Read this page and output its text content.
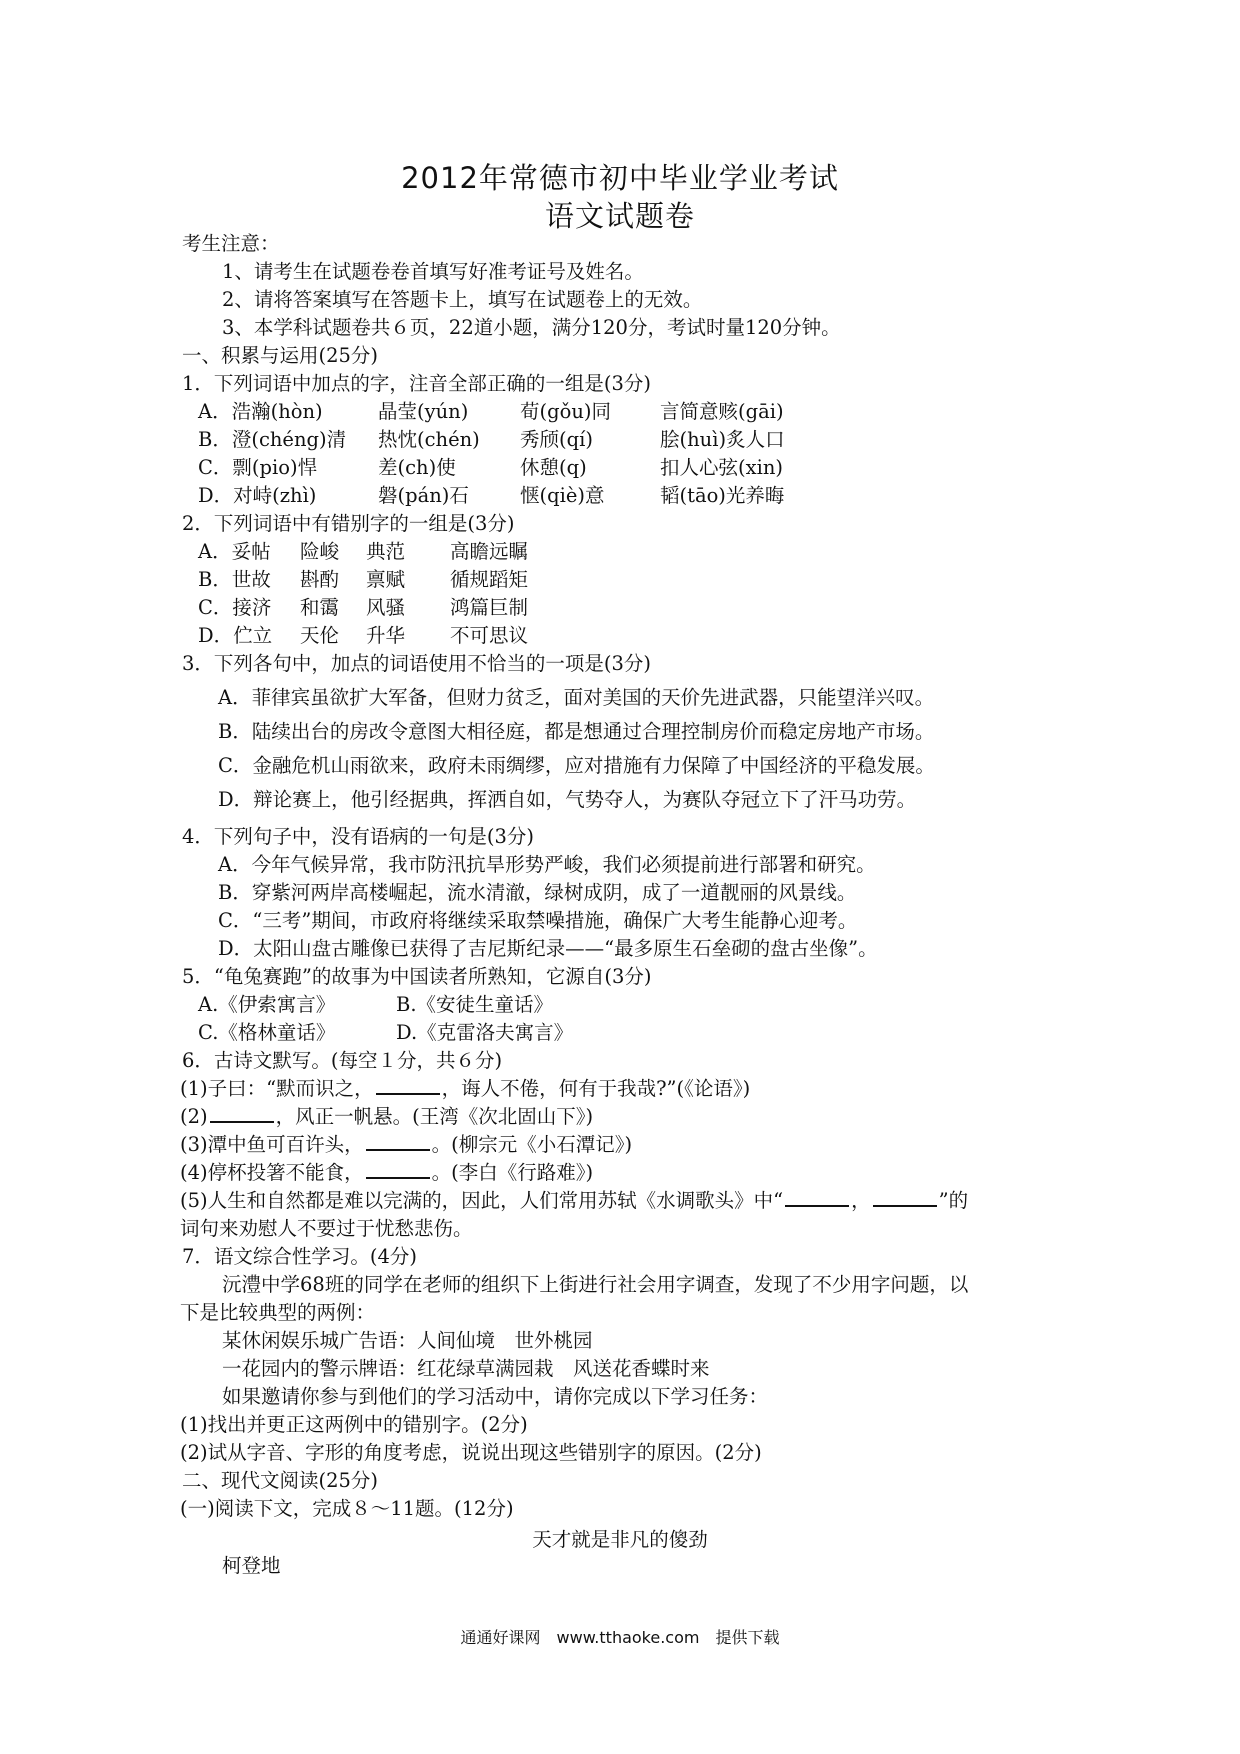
2012年常德市初中毕业学业考试
语文试题卷
考生注意：
1、请考生在试题卷卷首填写好准考证号及姓名。
2、请将答案填写在答题卡上，填写在试题卷上的无效。
3、本学科试题卷共６页，22道小题，满分120分，考试时量120分钟。
一、积累与运用(25分)
1．下列词语中加点的字，注音全部正确的一组是(3分)
A．浩瀚(hòn)	晶莹(yún)	荀(gǒu)同	言简意赅(gāi)
B．澄(chéng)清 热忱(chén) 秀颀(qí)	脍(huì)炙人口
C．剽(pio)悍	差(ch)使	休憩(q)	扣人心弦(xin)
D．对峙(zhì)	磐(pán)石	惬(qiè)意	韬(tāo)光养晦
2．下列词语中有错别字的一组是(3分)
A．妥帖 险峻 典范 高瞻远瞩
B．世故 斟酌 禀赋 循规蹈矩
C．接济 和霭 风骚 鸿篇巨制
D．伫立 天伦 升华 不可思议
3．下列各句中，加点的词语使用不恰当的一项是(3分)
A．菲律宾虽欲扩大军备，但财力贫乏，面对美国的天价先进武器，只能望洋兴叹。
B．陆续出台的房改令意图大相径庭，都是想通过合理控制房价而稳定房地产市场。
C．金融危机山雨欲来，政府未雨绸缪，应对措施有力保障了中国经济的平稳发展。
D．辩论赛上，他引经据典，挥洒自如，气势夺人，为赛队夺冠立下了汗马功劳。
4．下列句子中，没有语病的一句是(3分)
A．今年气候异常，我市防汛抗旱形势严峻，我们必须提前进行部署和研究。
B．穿紫河两岸高楼崛起，流水清澈，绿树成阴，成了一道靓丽的风景线。
C．“三考”期间，市政府将继续采取禁噪措施，确保广大考生能静心迎考。
D．太阳山盘古雕像已获得了吉尼斯纪录——“最多原生石垒砌的盘古坐像”。
5．“龟兔赛跑”的故事为中国读者所熟知，它源自(3分)
A.《伊索寓言》	B.《安徒生童话》
C.《格林童话》	D.《克雷洛夫寓言》
6．古诗文默写。(每空１分，共６分)
(1)子曰：“默而识之，	，诲人不倦，何有于我哉?”(《论语》)
(2)	，风正一帆悬。(王湾《次北固山下》)
(3)潭中鱼可百许头，	。(柳宗元《小石潭记》)
(4)停杯投箸不能食，	。(李白《行路难》)
(5)人生和自然都是难以完满的，因此，人们常用苏轼《水调歌头》中“	，	”的
词句来劝慰人不要过于忧愁悲伤。
7．语文综合性学习。(4分)
沅澧中学68班的同学在老师的组织下上街进行社会用字调查，发现了不少用字问题，以
下是比较典型的两例：
某休闲娱乐城广告语：人间仙境　世外桃园
一花园内的警示牌语：红花绿草满园栽　风送花香蝶时来
如果邀请你参与到他们的学习活动中，请你完成以下学习任务：
(1)找出并更正这两例中的错别字。(2分)
(2)试从字音、字形的角度考虑，说说出现这些错别字的原因。(2分)
二、现代文阅读(25分)
(一)阅读下文，完成８～11题。(12分)
天才就是非凡的傻劲
柯登地
通通好课网　www.tthaoke.com　提供下载
